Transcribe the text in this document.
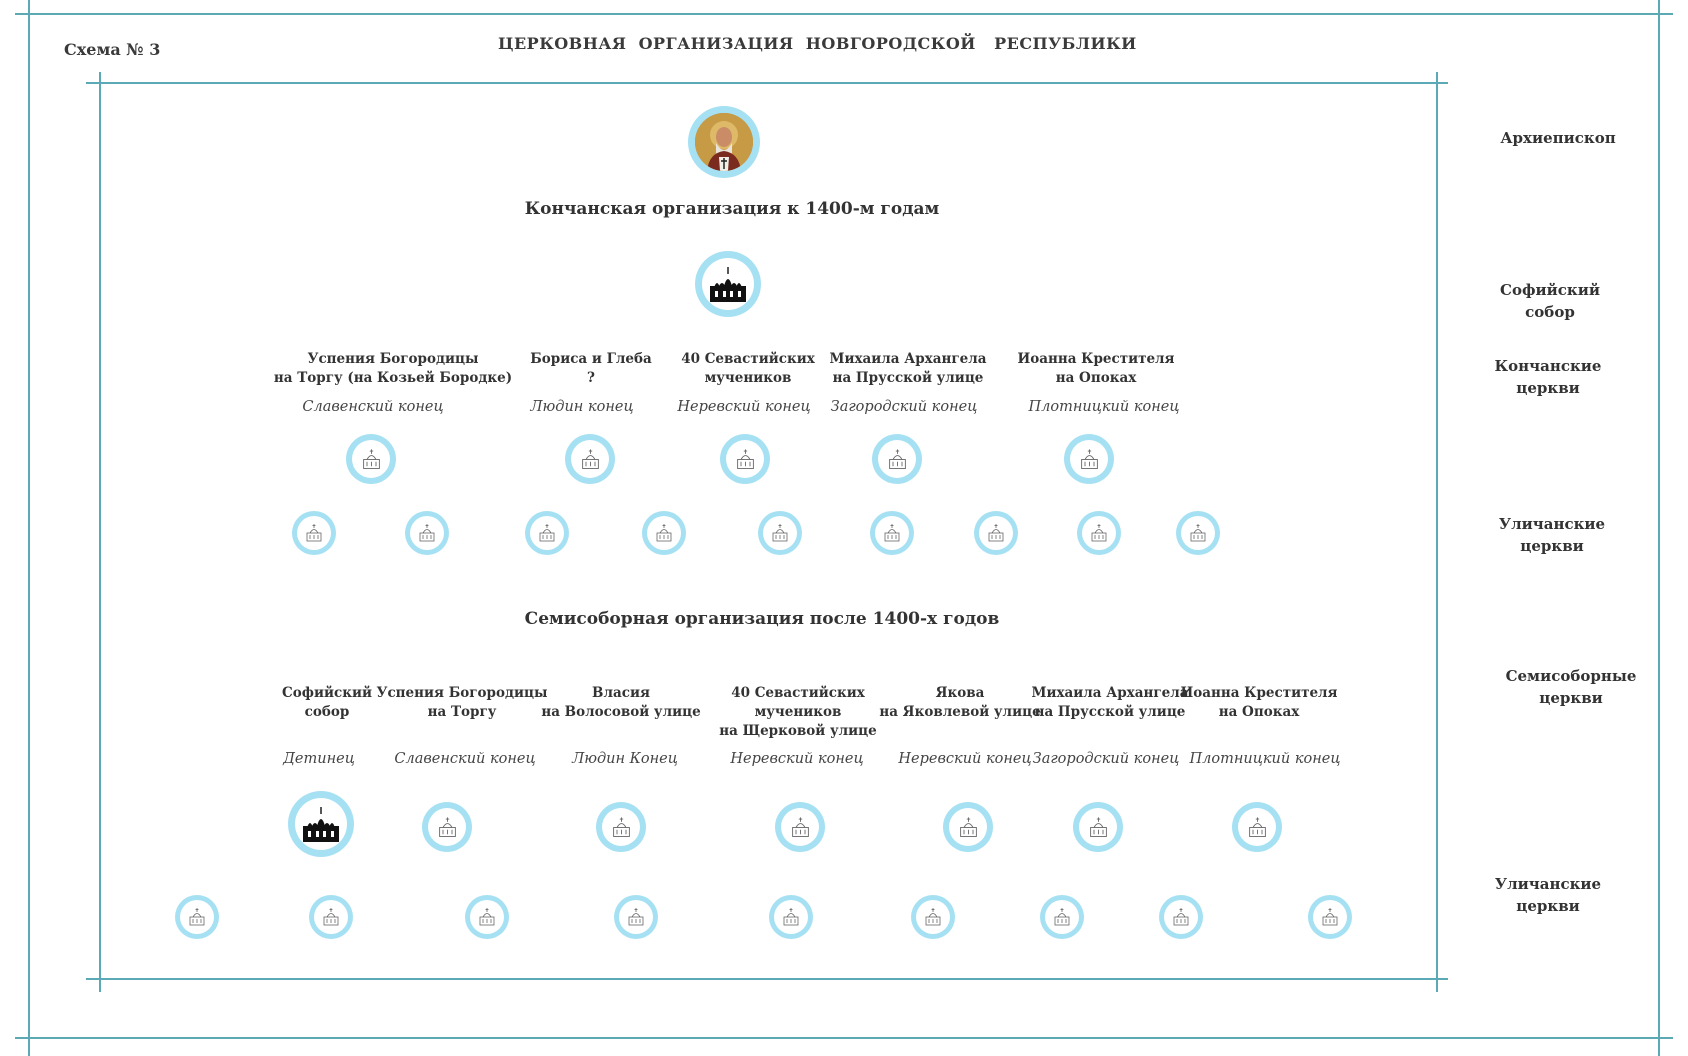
Схема № 3	ЦЕРКОВНАЯ  ОРГАНИЗАЦИЯ  НОВГОРОДСКОЙ   РЕСПУБЛИКИ
Архиепископ
Софийский
собор
Кончанские
церкви
Уличанские
церкви
Семисоборные
церкви
Уличанские
церкви
Кончанская организация к 1400-м годам
Успения Богородицы
на Торгу (на Козьей Бородке)
Славенский конец
Бориса и Глеба
?
Людин конец
40 Севастийских
мучеников
Неревский конец
Михаила Архангела
на Прусской улице
Загородский конец
Иоанна Крестителя
на Опоках
Плотницкий конец
Семисоборная организация после 1400-х годов
Софийский
собор
Детинец
Успения Богородицы
на Торгу
Славенский конец
Власия
на Волосовой улице
Людин Конец
40 Севастийских
мучеников
на Щерковой улице
Неревский конец
Якова
на Яковлевой улице
Неревский конец
Михаила Архангела
на Прусской улице
Загородский конец
Иоанна Крестителя
на Опоках
Плотницкий конец
